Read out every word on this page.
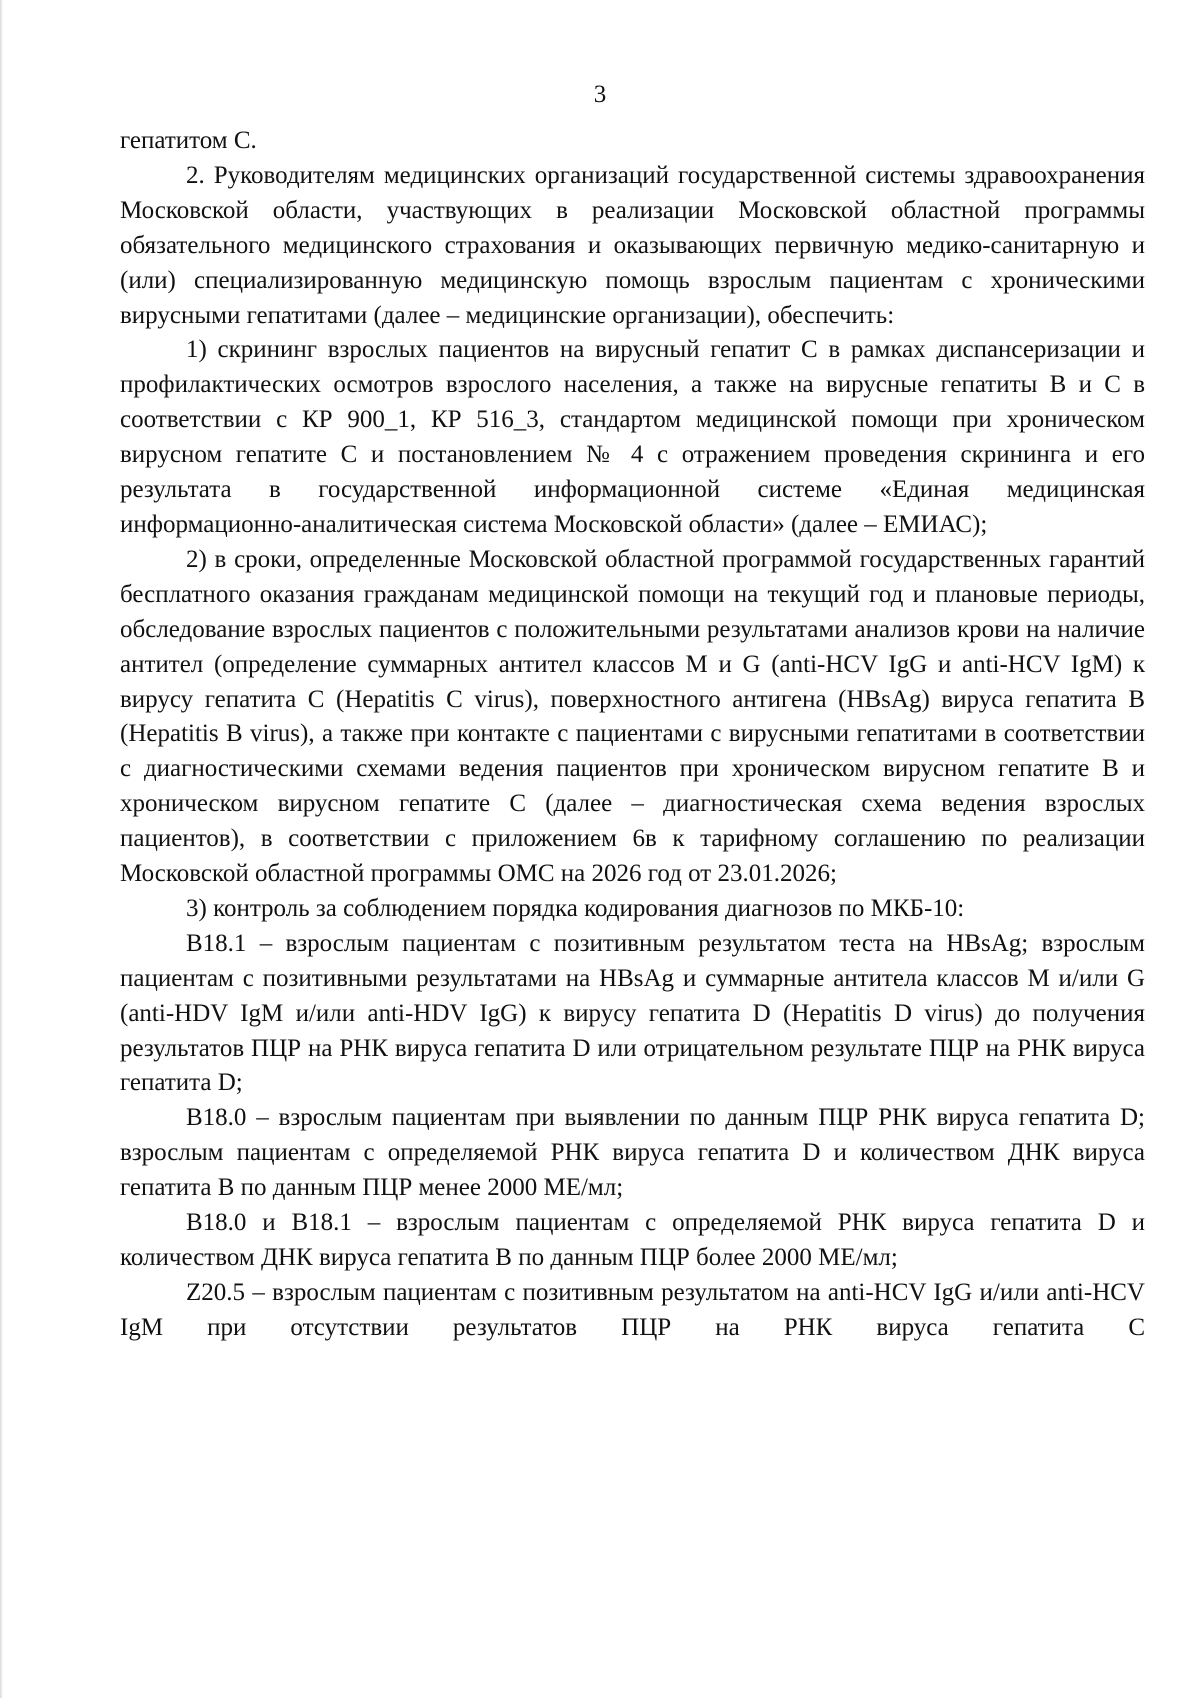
3

гепатитом С.

2. Руководителям медицинских организаций государственной системы здравоохранения Московской области, участвующих в реализации Московской областной программы обязательного медицинского страхования и оказывающих первичную медико-санитарную и (или) специализированную медицинскую помощь взрослым пациентам с хроническими вирусными гепатитами (далее – медицинские организации), обеспечить:

1) скрининг взрослых пациентов на вирусный гепатит С в рамках диспансеризации и профилактических осмотров взрослого населения, а также на вирусные гепатиты В и С в соответствии с КР 900_1, КР 516_3, стандартом медицинской помощи при хроническом вирусном гепатите С и постановлением № 4 с отражением проведения скрининга и его результата в государственной информационной системе «Единая медицинская информационно-аналитическая система Московской области» (далее – ЕМИАС);

2) в сроки, определенные Московской областной программой государственных гарантий бесплатного оказания гражданам медицинской помощи на текущий год и плановые периоды, обследование взрослых пациентов с положительными результатами анализов крови на наличие антител (определение суммарных антител классов M и G (anti-HCV IgG и anti-HCV IgM) к вирусу гепатита С (Hepatitis C virus), поверхностного антигена (HBsAg) вируса гепатита В (Hepatitis B virus), а также при контакте с пациентами с вирусными гепатитами в соответствии с диагностическими схемами ведения пациентов при хроническом вирусном гепатите В и хроническом вирусном гепатите С (далее – диагностическая схема ведения взрослых пациентов), в соответствии с приложением 6в к тарифному соглашению по реализации Московской областной программы ОМС на 2026 год от 23.01.2026;

3) контроль за соблюдением порядка кодирования диагнозов по МКБ-10:

B18.1 – взрослым пациентам с позитивным результатом теста на HBsAg; взрослым пациентам с позитивными результатами на HBsAg и суммарные антитела классов М и/или G (anti-HDV IgM и/или anti-HDV IgG) к вирусу гепатита D (Hepatitis D virus) до получения результатов ПЦР на РНК вируса гепатита D или отрицательном результате ПЦР на РНК вируса гепатита D;

B18.0 – взрослым пациентам при выявлении по данным ПЦР РНК вируса гепатита D; взрослым пациентам с определяемой РНК вируса гепатита D и количеством ДНК вируса гепатита В по данным ПЦР менее 2000 МЕ/мл;

B18.0 и B18.1 – взрослым пациентам с определяемой РНК вируса гепатита D и количеством ДНК вируса гепатита В по данным ПЦР более 2000 МЕ/мл;

Z20.5 – взрослым пациентам с позитивным результатом на anti-HCV IgG и/или anti-HCV IgM при отсутствии результатов ПЦР на РНК вируса гепатита С
